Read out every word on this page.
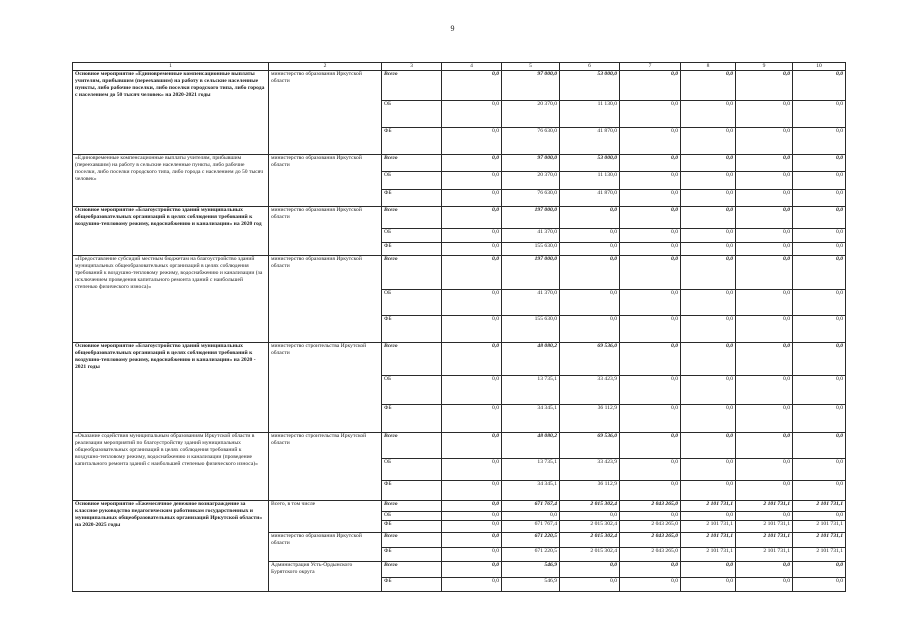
9
1	2	3	4	5	6	7	8	9	10
Основное мероприятие «Единовременные компенсационные выплаты учителям, прибывшим (переехавшим) на работу в сельские населенные пункты, либо рабочие поселки, либо поселки городского типа, либо города с населением до 50 тысяч человек» на 2020-2021 годы	министерство образования Иркутской области	Всего	0,0	97 000,0	53 000,0	0,0	0,0	0,0	0,0
		ОБ	0,0	20 370,0	11 130,0	0,0	0,0	0,0	0,0
		ФБ	0,0	76 630,0	41 870,0	0,0	0,0	0,0	0,0
«Единовременные компенсационные выплаты учителям, прибывшим (переехавшим) на работу в сельские населенные пункты, либо рабочие поселки, либо поселки городского типа, либо города с населением до 50 тысяч человек»	министерство образования Иркутской области	Всего	0,0	97 000,0	53 000,0	0,0	0,0	0,0	0,0
		ОБ	0,0	20 370,0	11 130,0	0,0	0,0	0,0	0,0
		ФБ	0,0	76 630,0	41 870,0	0,0	0,0	0,0	0,0
Основное мероприятие «Благоустройство зданий муниципальных общеобразовательных организаций в целях соблюдения требований к воздушно-тепловому режиму, водоснабжению и канализации» на 2020 год	министерство образования Иркутской области	Всего	0,0	197 000,0	0,0	0,0	0,0	0,0	0,0
		ОБ	0,0	41 370,0	0,0	0,0	0,0	0,0	0,0
		ФБ	0,0	155 630,0	0,0	0,0	0,0	0,0	0,0
«Предоставление субсидий местным бюджетам на благоустройство зданий муниципальных общеобразовательных организаций в целях соблюдения требований к воздушно-тепловому режиму, водоснабжению и канализации (за исключением проведения капитального ремонта зданий с наибольшей степенью физического износа)»	министерство образования Иркутской области	Всего	0,0	197 000,0	0,0	0,0	0,0	0,0	0,0
		ОБ	0,0	41 370,0	0,0	0,0	0,0	0,0	0,0
		ФБ	0,0	155 630,0	0,0	0,0	0,0	0,0	0,0
Основное мероприятие «Благоустройство зданий муниципальных общеобразовательных организаций в целях соблюдения требований к воздушно-тепловому режиму, водоснабжению и канализации» на 2020 - 2021 годы	министерство строительства Иркутской области	Всего	0,0	48 080,2	69 536,0	0,0	0,0	0,0	0,0
		ОБ	0,0	13 735,1	33 423,9	0,0	0,0	0,0	0,0
		ФБ	0,0	34 345,1	36 112,9	0,0	0,0	0,0	0,0
«Оказание содействия муниципальным образованиям Иркутской области в реализации мероприятий по благоустройству зданий муниципальных общеобразовательных организаций в целях соблюдения требований к воздушно-тепловому режиму, водоснабжению и канализации (проведение капитального ремонта зданий с наибольшей степенью физического износа)»	министерство строительства Иркутской области	Всего	0,0	48 080,2	69 536,0	0,0	0,0	0,0	0,0
		ОБ	0,0	13 735,1	33 423,9	0,0	0,0	0,0	0,0
		ФБ	0,0	34 345,1	36 112,9	0,0	0,0	0,0	0,0
Основное мероприятие «Ежемесячное денежное вознаграждение за классное руководство педагогическим работникам государственных и муниципальных общеобразовательных организаций Иркутской области» на 2020-2025 годы	Всего, в том числе	Всего	0,0	671 767,4	2 015 302,4	2 043 265,0	2 101 731,1	2 101 731,1	2 101 731,1
		ОБ	0,0	0,0	0,0	0,0	0,0	0,0	0,0
		ФБ	0,0	671 767,4	2 015 302,4	2 043 265,0	2 101 731,1	2 101 731,1	2 101 731,1
	министерство образования Иркутской области	Всего	0,0	671 220,5	2 015 302,4	2 043 265,0	2 101 731,1	2 101 731,1	2 101 731,1
		ФБ	0,0	671 220,5	2 015 302,4	2 043 265,0	2 101 731,1	2 101 731,1	2 101 731,1
	Администрация Усть-Ордынского Бурятского округа	Всего	0,0	546,9	0,0	0,0	0,0	0,0	0,0
		ФБ	0,0	546,9	0,0	0,0	0,0	0,0	0,0
